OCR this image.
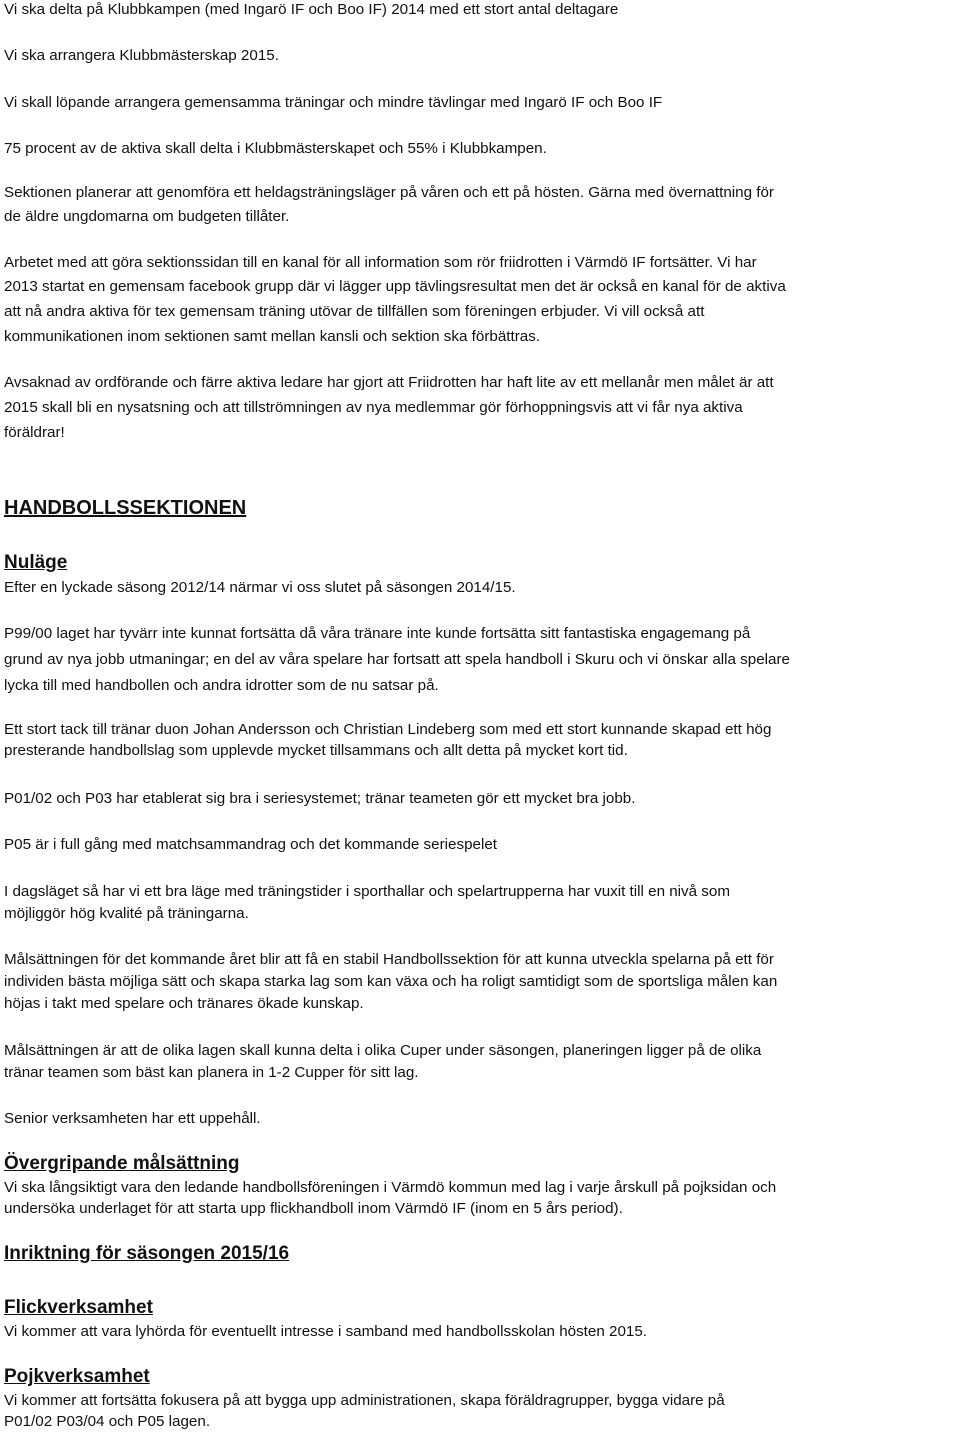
Vi ska delta på Klubbkampen (med Ingarö IF och Boo IF) 2014 med ett stort antal deltagare
Vi ska arrangera Klubbmästerskap 2015.
Vi skall löpande arrangera gemensamma träningar och mindre tävlingar med Ingarö IF och Boo IF
75 procent av de aktiva skall delta i Klubbmästerskapet och 55% i Klubbkampen.
Sektionen planerar att genomföra ett heldagsträningsläger på våren och ett på hösten. Gärna med övernattning för
de äldre ungdomarna om budgeten tillåter.
Arbetet med att göra sektionssidan till en kanal för all information som rör friidrotten i Värmdö IF fortsätter. Vi har
2013 startat en gemensam facebook grupp där vi lägger upp tävlingsresultat men det är också en kanal för de aktiva
att nå andra aktiva för tex gemensam träning utövar de tillfällen som föreningen erbjuder. Vi vill också att
kommunikationen inom sektionen samt mellan kansli och sektion ska förbättras.
Avsaknad av ordförande och färre aktiva ledare har gjort att Friidrotten har haft lite av ett mellanår men målet är att
2015 skall bli en nysatsning och att tillströmningen av nya medlemmar gör förhoppningsvis att vi får nya aktiva
föräldrar!
HANDBOLLSSEKTIONEN
Nuläge
Efter en lyckade säsong 2012/14 närmar vi oss slutet på säsongen 2014/15.
P99/00 laget har tyvärr inte kunnat fortsätta då våra tränare inte kunde fortsätta sitt fantastiska engagemang på
grund av nya jobb utmaningar; en del av våra spelare har fortsatt att spela handboll i Skuru och vi önskar alla spelare
lycka till med handbollen och andra idrotter som de nu satsar på.
Ett stort tack till tränar duon Johan Andersson och Christian Lindeberg som med ett stort kunnande skapad ett hög
presterande handbollslag som upplevde mycket tillsammans och allt detta på mycket kort tid.
P01/02 och P03 har etablerat sig bra i seriesystemet; tränar teameten gör ett mycket bra jobb.
P05 är i full gång med matchsammandrag och det kommande seriespelet
I dagsläget så har vi ett bra läge med träningstider i sporthallar och spelartrupperna har vuxit till en nivå som
möjliggör hög kvalité på träningarna.
Målsättningen för det kommande året blir att få en stabil Handbollssektion för att kunna utveckla spelarna på ett för
individen bästa möjliga sätt och skapa starka lag som kan växa och ha roligt samtidigt som de sportsliga målen kan
höjas i takt med spelare och tränares ökade kunskap.
Målsättningen är att de olika lagen skall kunna delta i olika Cuper under säsongen, planeringen ligger på de olika
tränar teamen som bäst kan planera in 1-2 Cupper för sitt lag.
Senior verksamheten har ett uppehåll.
Övergripande målsättning
Vi ska långsiktigt vara den ledande handbollsföreningen i Värmdö kommun med lag i varje årskull på pojksidan och
undersöka underlaget för att starta upp flickhandboll inom Värmdö IF (inom en 5 års period).
Inriktning för säsongen 2015/16
Flickverksamhet
Vi kommer att vara lyhörda för eventuellt intresse i samband med handbollsskolan hösten 2015.
Pojkverksamhet
Vi kommer att fortsätta fokusera på att bygga upp administrationen, skapa föräldragrupper, bygga vidare på
P01/02 P03/04 och P05 lagen.
